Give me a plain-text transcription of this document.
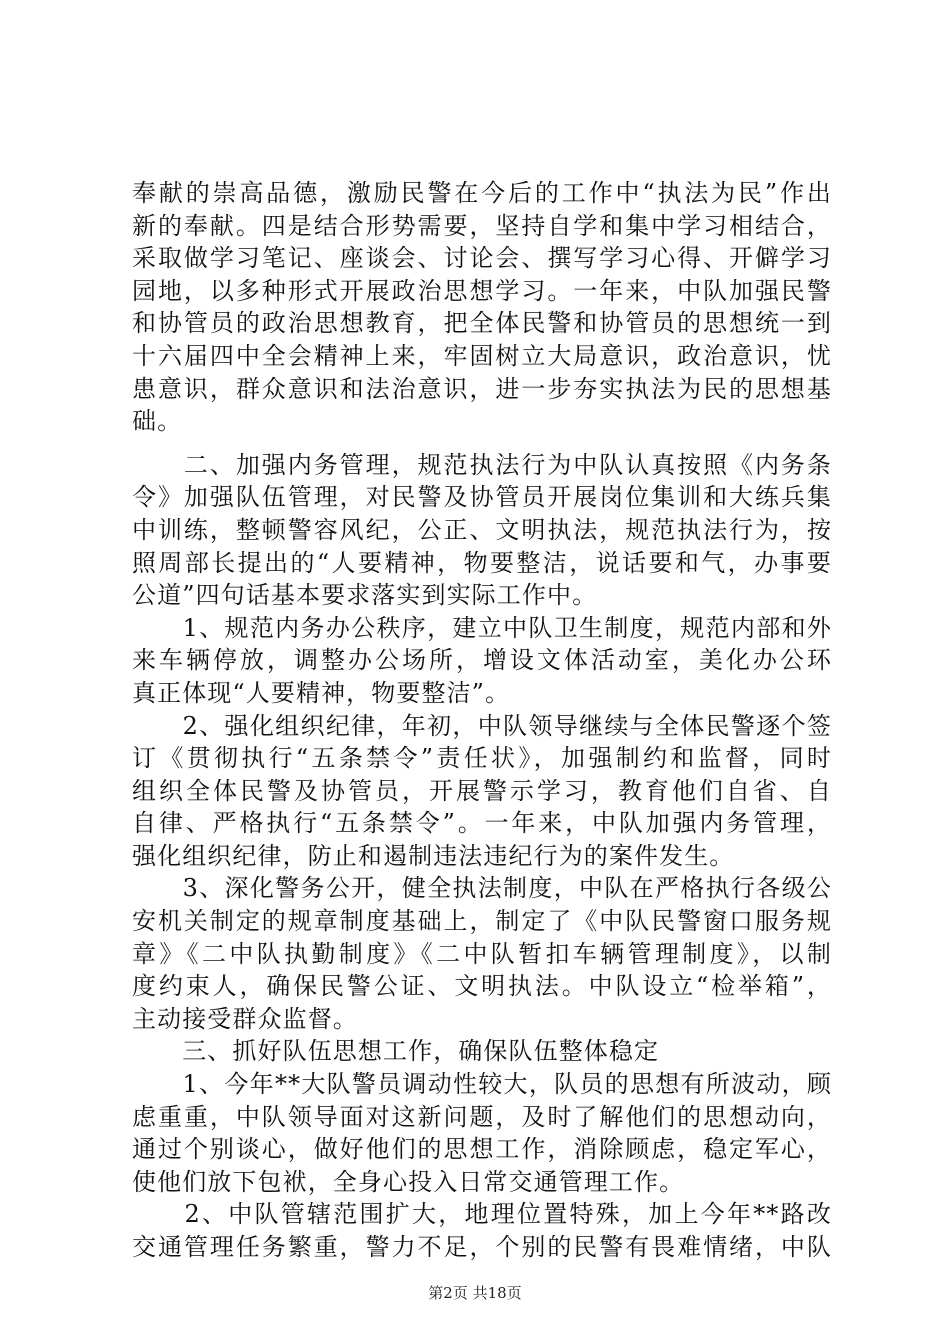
奉献的崇高品德，激励民警在今后的工作中“执法为民”作出
新的奉献。四是结合形势需要，坚持自学和集中学习相结合，
采取做学习笔记、座谈会、讨论会、撰写学习心得、开僻学习
园地，以多种形式开展政治思想学习。一年来，中队加强民警
和协管员的政治思想教育，把全体民警和协管员的思想统一到
十六届四中全会精神上来，牢固树立大局意识，政治意识，忧
患意识，群众意识和法治意识，进一步夯实执法为民的思想基
础。
　　二、加强内务管理，规范执法行为中队认真按照《内务条
令》加强队伍管理，对民警及协管员开展岗位集训和大练兵集
中训练，整顿警容风纪，公正、文明执法，规范执法行为，按
照周部长提出的“人要精神，物要整洁，说话要和气，办事要
公道”四句话基本要求落实到实际工作中。
　　1、规范内务办公秩序，建立中队卫生制度，规范内部和外
来车辆停放，调整办公场所，增设文体活动室，美化办公环
真正体现“人要精神，物要整洁”。
　　2、强化组织纪律，年初，中队领导继续与全体民警逐个签
订《贯彻执行“五条禁令”责任状》，加强制约和监督，同时
组织全体民警及协管员，开展警示学习，教育他们自省、自
自律、严格执行“五条禁令”。一年来，中队加强内务管理，
强化组织纪律，防止和遏制违法违纪行为的案件发生。
　　3、深化警务公开，健全执法制度，中队在严格执行各级公
安机关制定的规章制度基础上，制定了《中队民警窗口服务规
章》《二中队执勤制度》《二中队暂扣车辆管理制度》，以制
度约束人，确保民警公证、文明执法。中队设立“检举箱”，
主动接受群众监督。
　　三、抓好队伍思想工作，确保队伍整体稳定
　　1、今年**大队警员调动性较大，队员的思想有所波动，顾
虑重重，中队领导面对这新问题，及时了解他们的思想动向，
通过个别谈心，做好他们的思想工作，消除顾虑，稳定军心，
使他们放下包袱，全身心投入日常交通管理工作。
　　2、中队管辖范围扩大，地理位置特殊，加上今年**路改
交通管理任务繁重，警力不足，个别的民警有畏难情绪，中队
第2页 共18页
